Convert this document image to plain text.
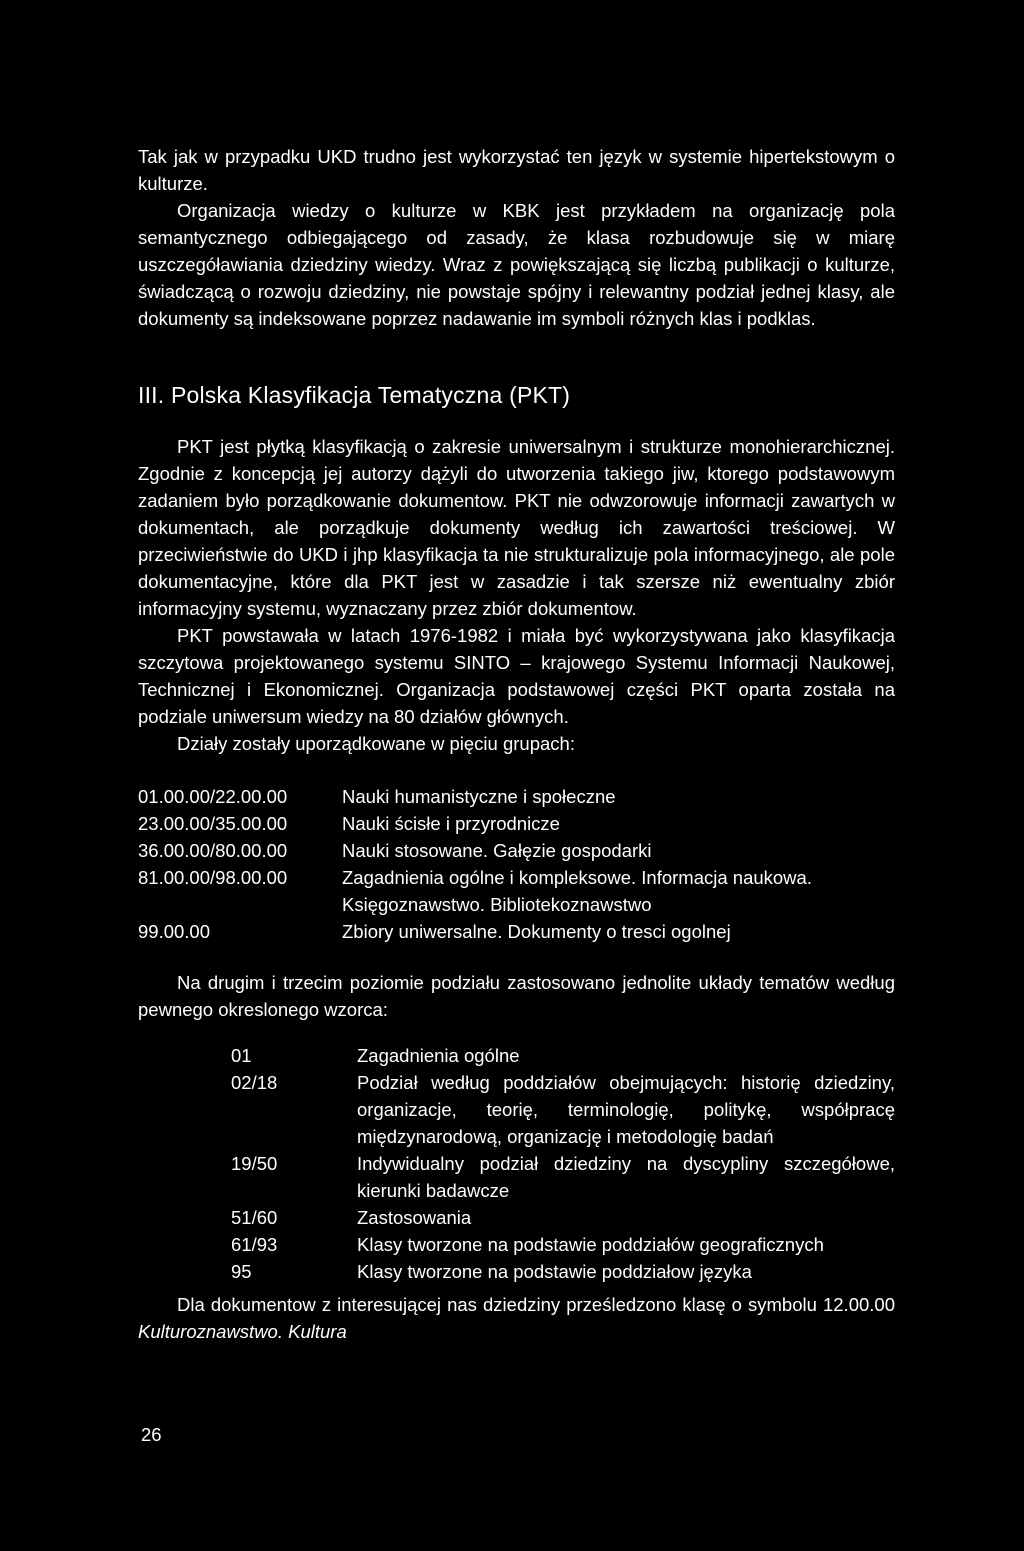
Tak jak w przypadku UKD trudno jest wykorzystać ten język w systemie hipertekstowym o kulturze.

Organizacja wiedzy o kulturze w KBK jest przykładem na organizację pola semantycznego odbiegającego od zasady, że klasa rozbudowuje się w miarę uszczegóławiania dziedziny wiedzy. Wraz z powiększającą się liczbą publikacji o kulturze, świadczącą o rozwoju dziedziny, nie powstaje spójny i relewantny podział jednej klasy, ale dokumenty są indeksowane poprzez nadawanie im symboli różnych klas i podklas.

III. Polska Klasyfikacja Tematyczna (PKT)

PKT jest płytką klasyfikacją o zakresie uniwersalnym i strukturze monohierarchicznej. Zgodnie z koncepcją jej autorzy dążyli do utworzenia takiego jiw, ktorego podstawowym zadaniem było porządkowanie dokumentow. PKT nie odwzorowuje informacji zawartych w dokumentach, ale porządkuje dokumenty według ich zawartości treściowej. W przeciwieństwie do UKD i jhp klasyfikacja ta nie strukturalizuje pola informacyjnego, ale pole dokumentacyjne, które dla PKT jest w zasadzie i tak szersze niż ewentualny zbiór informacyjny systemu, wyznaczany przez zbiór dokumentow.

PKT powstawała w latach 1976-1982 i miała być wykorzystywana jako klasyfikacja szczytowa projektowanego systemu SINTO – krajowego Systemu Informacji Naukowej, Technicznej i Ekonomicznej. Organizacja podstawowej części PKT oparta została na podziale uniwersum wiedzy na 80 działów głównych.

Działy zostały uporządkowane w pięciu grupach:

01.00.00/22.00.00	Nauki humanistyczne i społeczne
23.00.00/35.00.00	Nauki ścisłe i przyrodnicze
36.00.00/80.00.00	Nauki stosowane. Gałęzie gospodarki
81.00.00/98.00.00	Zagadnienia ogólne i kompleksowe. Informacja naukowa. Księgoznawstwo. Bibliotekoznawstwo
99.00.00	Zbiory uniwersalne. Dokumenty o tresci ogolnej

Na drugim i trzecim poziomie podziału zastosowano jednolite układy tematów według pewnego okreslonego wzorca:

01	Zagadnienia ogólne
02/18	Podział według poddziałów obejmujących: historię dziedziny, organizacje, teorię, terminologię, politykę, współpracę międzynarodową, organizację i metodologię badań
19/50	Indywidualny podział dziedziny na dyscypliny szczegółowe, kierunki badawcze
51/60	Zastosowania
61/93	Klasy tworzone na podstawie poddziałów geograficznych
95	Klasy tworzone na podstawie poddziałow języka

Dla dokumentow z interesującej nas dziedziny prześledzono klasę o symbolu 12.00.00 Kulturoznawstwo. Kultura

26
